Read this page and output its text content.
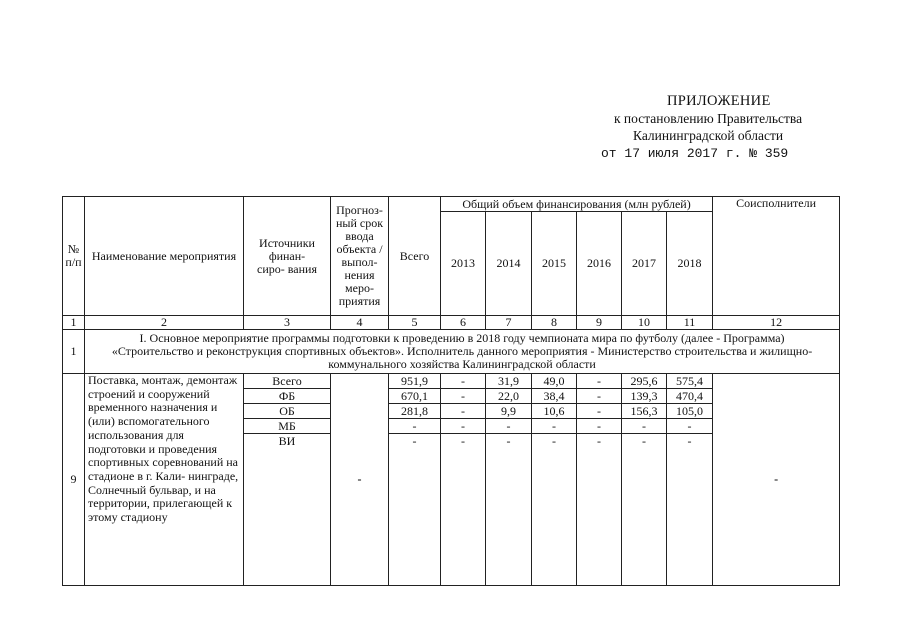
ПРИЛОЖЕНИЕ
к постановлению Правительства
Калининградской области
от 17 июля 2017 г. № 359
№ п/п	Наименование мероприятия	Источники финан- сиро- вания	Прогноз- ный срок ввода объекта / выпол- нения меро- приятия	Всего	Общий объем финансирования (млн рублей)						Соисполнители
					2013	2014	2015	2016	2017	2018	
1	2	3	4	5	6	7	8	9	10	11	12
1	I. Основное мероприятие программы подготовки к проведению в 2018 году чемпионата мира по футболу (далее - Программа) «Строительство и реконструкция спортивных объектов». Исполнитель данного мероприятия - Министерство строительства и жилищно-коммунального хозяйства Калининградской области										
9	Поставка, монтаж, демонтаж строений и сооружений временного назначения и (или) вспомогательного использования для подготовки и проведения спортивных соревнований на стадионе в г. Кали- нинграде, Солнечный бульвар, и на территории, прилегающей к этому стадиону	Всего	-	951,9	-	31,9	49,0	-	295,6	575,4	-
		ФБ		670,1	-	22,0	38,4	-	139,3	470,4	
		ОБ		281,8	-	9,9	10,6	-	156,3	105,0	
		МБ		-	-	-	-	-	-	-	
		ВИ		-	-	-	-	-	-	-	
